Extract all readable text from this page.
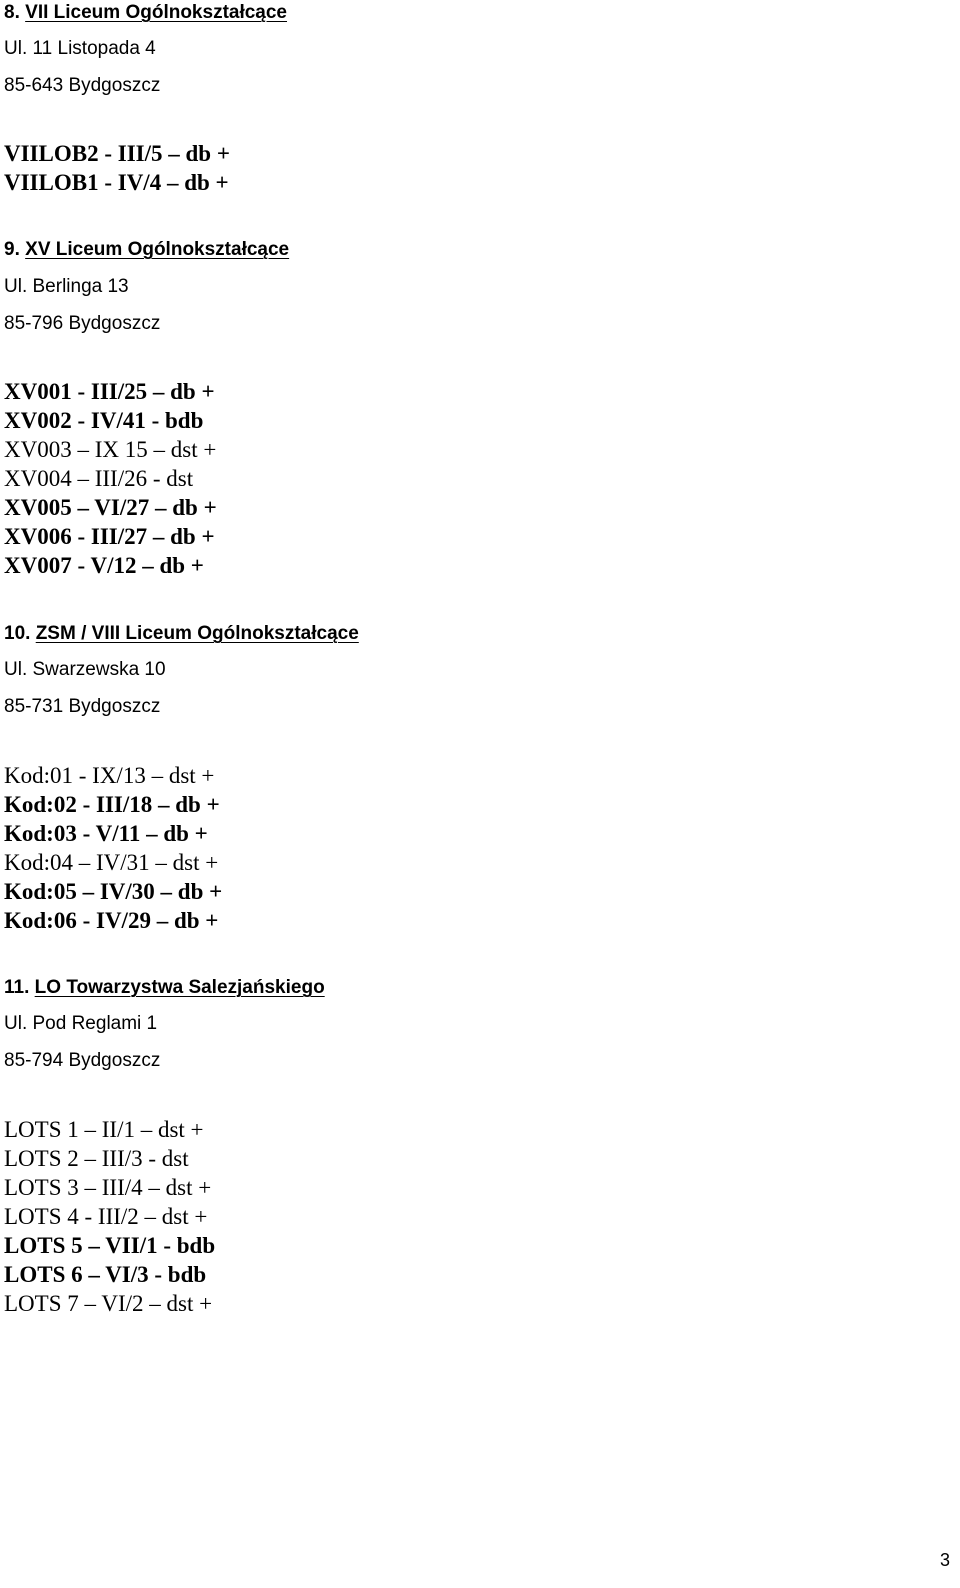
8. VII Liceum Ogólnokształcące
Ul. 11 Listopada 4
85-643 Bydgoszcz
VIILOB2 - III/5 – db +
VIILOB1 - IV/4 – db +
9. XV Liceum Ogólnokształcące
Ul. Berlinga 13
85-796 Bydgoszcz
XV001 - III/25 – db +
XV002 - IV/41 - bdb
XV003 – IX 15 – dst +
XV004 – III/26 - dst
XV005 – VI/27 – db +
XV006 - III/27 – db +
XV007 - V/12 – db +
10. ZSM / VIII Liceum Ogólnokształcące
Ul. Swarzewska 10
85-731 Bydgoszcz
Kod:01 - IX/13 – dst +
Kod:02 - III/18 – db +
Kod:03 - V/11 – db +
Kod:04 – IV/31 – dst +
Kod:05 – IV/30 – db +
Kod:06 - IV/29 – db +
11. LO Towarzystwa Salezjańskiego
Ul. Pod Reglami 1
85-794 Bydgoszcz
LOTS 1 – II/1 – dst +
LOTS 2 – III/3 - dst
LOTS 3 – III/4 – dst +
LOTS 4 - III/2 – dst +
LOTS 5 – VII/1 - bdb
LOTS 6 – VI/3 - bdb
LOTS 7 – VI/2 – dst +
3
